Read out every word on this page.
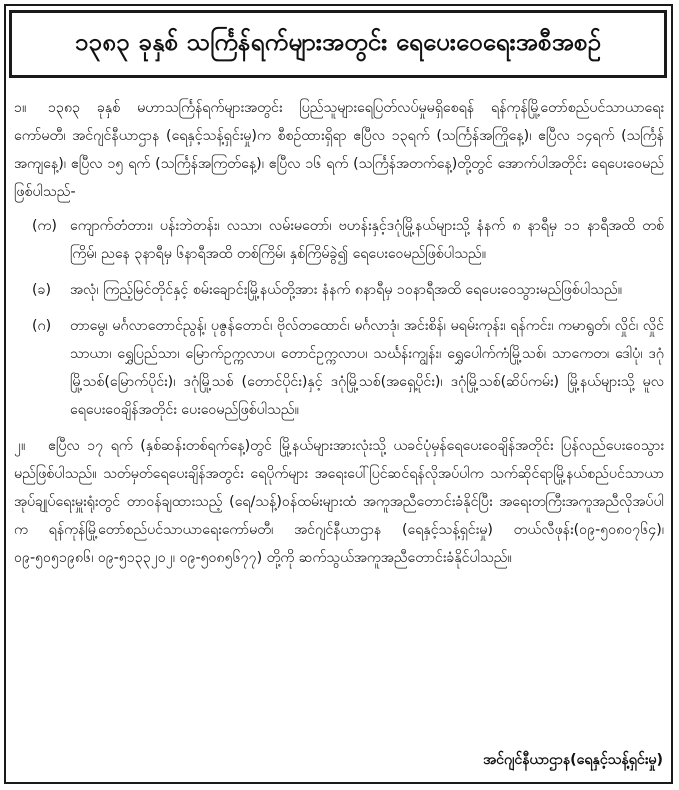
၁၃၈၃ ခုနှစ် သင်္ကြန်ရက်များအတွင်း ရေပေးဝေရေးအစီအစဉ်

၁။ ၁၃၈၃ ခုနှစ် မဟာသင်္ကြန်ရက်များအတွင်း ပြည်သူများရေပြတ်လပ်မှုမရှိစေရန် ရန်ကုန်မြို့တော်စည်ပင်သာယာရေးကော်မတီ၊ အင်ဂျင်နီယာဌာန (ရေနှင့်သန့်ရှင်းမှု)က စီစဉ်ထားရှိရာ ဧပြီလ ၁၃ရက် (သင်္ကြန်အကြိုနေ့)၊ ဧပြီလ ၁၄ရက် (သင်္ကြန်အကျနေ့)၊ ဧပြီလ ၁၅ ရက် (သင်္ကြန်အကြတ်နေ့)၊ ဧပြီလ ၁၆ ရက် (သင်္ကြန်အတက်နေ့)တို့တွင် အောက်ပါအတိုင်း ရေပေးဝေမည်ဖြစ်ပါသည်-

(က) ကျောက်တံတား၊ ပန်းဘဲတန်း၊ လသာ၊ လမ်းမတော်၊ ဗဟန်းနှင့်ဒဂုံမြို့နယ်များသို့ နံနက် ၈ နာရီမှ ၁၁ နာရီအထိ တစ်ကြိမ်၊ ညနေ ၃နာရီမှ ၆နာရီအထိ တစ်ကြိမ်၊ နှစ်ကြိမ်ခွဲ၍ ရေပေးဝေမည်ဖြစ်ပါသည်။
(ခ)	အလုံ၊ ကြည့်မြင်တိုင်နှင့် စမ်းချောင်းမြို့နယ်တို့အား နံနက် ၈နာရီမှ ၁၀နာရီအထိ ရေပေးဝေသွားမည်ဖြစ်ပါသည်။
(ဂ)	တာမွေ၊ မင်္ဂလာတောင်ညွန့်၊ ပုဇွန်တောင်၊ ဗိုလ်တထောင်၊ မင်္ဂလာဒုံ၊ အင်းစိန်၊ မရမ်းကုန်း၊ ရန်ကင်း၊ ကမာရွတ်၊ လှိုင်၊ လှိုင်သာယာ၊ ရွှေပြည်သာ၊ မြောက်ဥက္ကလာပ၊ တောင်ဥက္ကလာပ၊ သင်္ဃန်းကျွန်း၊ ရွှေပေါက်ကံမြို့သစ်၊ သာကေတ၊ ဒေါပုံ၊ ဒဂုံမြို့သစ်(မြောက်ပိုင်း)၊ ဒဂုံမြို့သစ် (တောင်ပိုင်း)နှင့် ဒဂုံမြို့သစ်(အရှေ့ပိုင်း)၊ ဒဂုံမြို့သစ်(ဆိပ်ကမ်း) မြို့နယ်များသို့ မူလရေပေးဝေချိန်အတိုင်း ပေးဝေမည်ဖြစ်ပါသည်။

၂။ ဧပြီလ ၁၇ ရက် (နှစ်ဆန်းတစ်ရက်နေ့)တွင် မြို့နယ်များအားလုံးသို့ ယခင်ပုံမှန်ရေပေးဝေချိန်အတိုင်း ပြန်လည်ပေးဝေသွားမည်ဖြစ်ပါသည်။ သတ်မှတ်ရေပေးချိန်အတွင်း ရေပိုက်များ အရေးပေါ်ပြင်ဆင်ရန်လိုအပ်ပါက သက်ဆိုင်ရာမြို့နယ်စည်ပင်သာယာအုပ်ချုပ်ရေးမှူးရုံးတွင် တာဝန်ချထားသည့် (ရေ/သန့်)ဝန်ထမ်းများထံ အကူအညီတောင်းခံနိုင်ပြီး အရေးတကြီးအကူအညီလိုအပ်ပါက ရန်ကုန်မြို့တော်စည်ပင်သာယာရေးကော်မတီ၊ အင်ဂျင်နီယာဌာန (ရေနှင့်သန့်ရှင်းမှု) တယ်လီဖုန်း(၀၉-၅၀၈၀၇၆၄)၊ ၀၉-၅၀၅၁၉၈၆၊ ၀၉-၅၁၃၃၂၀၂၊ ၀၉-၅၀၈၅၆၇၇) တို့ကို ဆက်သွယ်အကူအညီတောင်းခံနိုင်ပါသည်။

အင်ဂျင်နီယာဌာန(ရေနှင့်သန့်ရှင်းမှု)
